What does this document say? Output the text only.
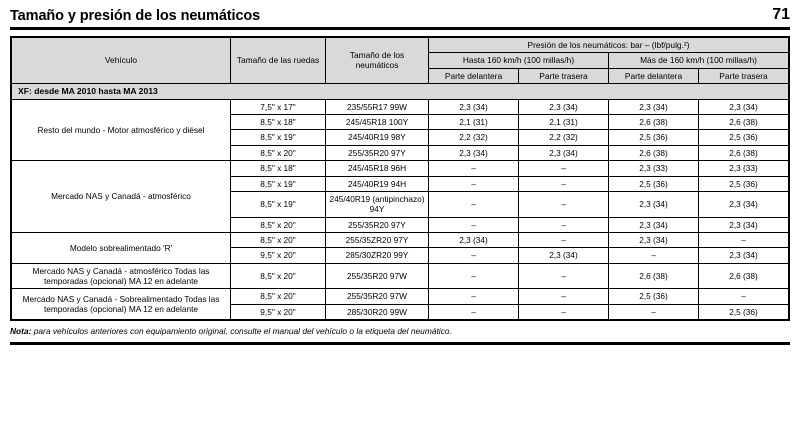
Tamaño y presión de los neumáticos	71
Vehículo	Tamaño de las ruedas	Tamaño de los neumáticos	Presión de los neumáticos: bar – (lbf/pulg.²)			
			Hasta 160 km/h (100 millas/h)		Más de 160 km/h (100 millas/h)	
			Parte delantera	Parte trasera	Parte delantera	Parte trasera
XF: desde MA 2010 hasta MA 2013						
Resto del mundo - Motor atmosférico y diésel	7,5" x 17"	235/55R17 99W	2,3 (34)	2,3 (34)	2,3 (34)	2,3 (34)
	8,5" x 18"	245/45R18 100Y	2,1 (31)	2,1 (31)	2,6 (38)	2,6 (38)
	8,5" x 19"	245/40R19 98Y	2,2 (32)	2,2 (32)	2,5 (36)	2,5 (36)
	8,5" x 20"	255/35R20 97Y	2,3 (34)	2,3 (34)	2,6 (38)	2,6 (38)
Mercado NAS y Canadá - atmosférico	8,5" x 18"	245/45R18 96H	–	–	2,3 (33)	2,3 (33)
	8,5" x 19"	245/40R19 94H	–	–	2,5 (36)	2,5 (36)
	8,5" x 19"	245/40R19 (antipinchazo) 94Y	–	–	2,3 (34)	2,3 (34)
	8,5" x 20"	255/35R20 97Y	–	–	2,3 (34)	2,3 (34)
Modelo sobrealimentado 'R'	8,5" x 20"	255/35ZR20 97Y	2,3 (34)	–	2,3 (34)	–
	9,5" x 20"	285/30ZR20 99Y	–	2,3 (34)	–	2,3 (34)
Mercado NAS y Canadá - atmosférico Todas las temporadas (opcional) MA 12 en adelante	8,5" x 20"	255/35R20 97W	–	–	2,6 (38)	2,6 (38)
Mercado NAS y Canadá - Sobrealimentado Todas las temporadas (opcional) MA 12 en adelante	8,5" x 20"	255/35R20 97W	–	–	2,5 (36)	–
	9,5" x 20"	285/30R20 99W	–	–	–	2,5 (36)
Nota: para vehículos anteriores con equipamiento original, consulte el manual del vehículo o la etiqueta del neumático.
